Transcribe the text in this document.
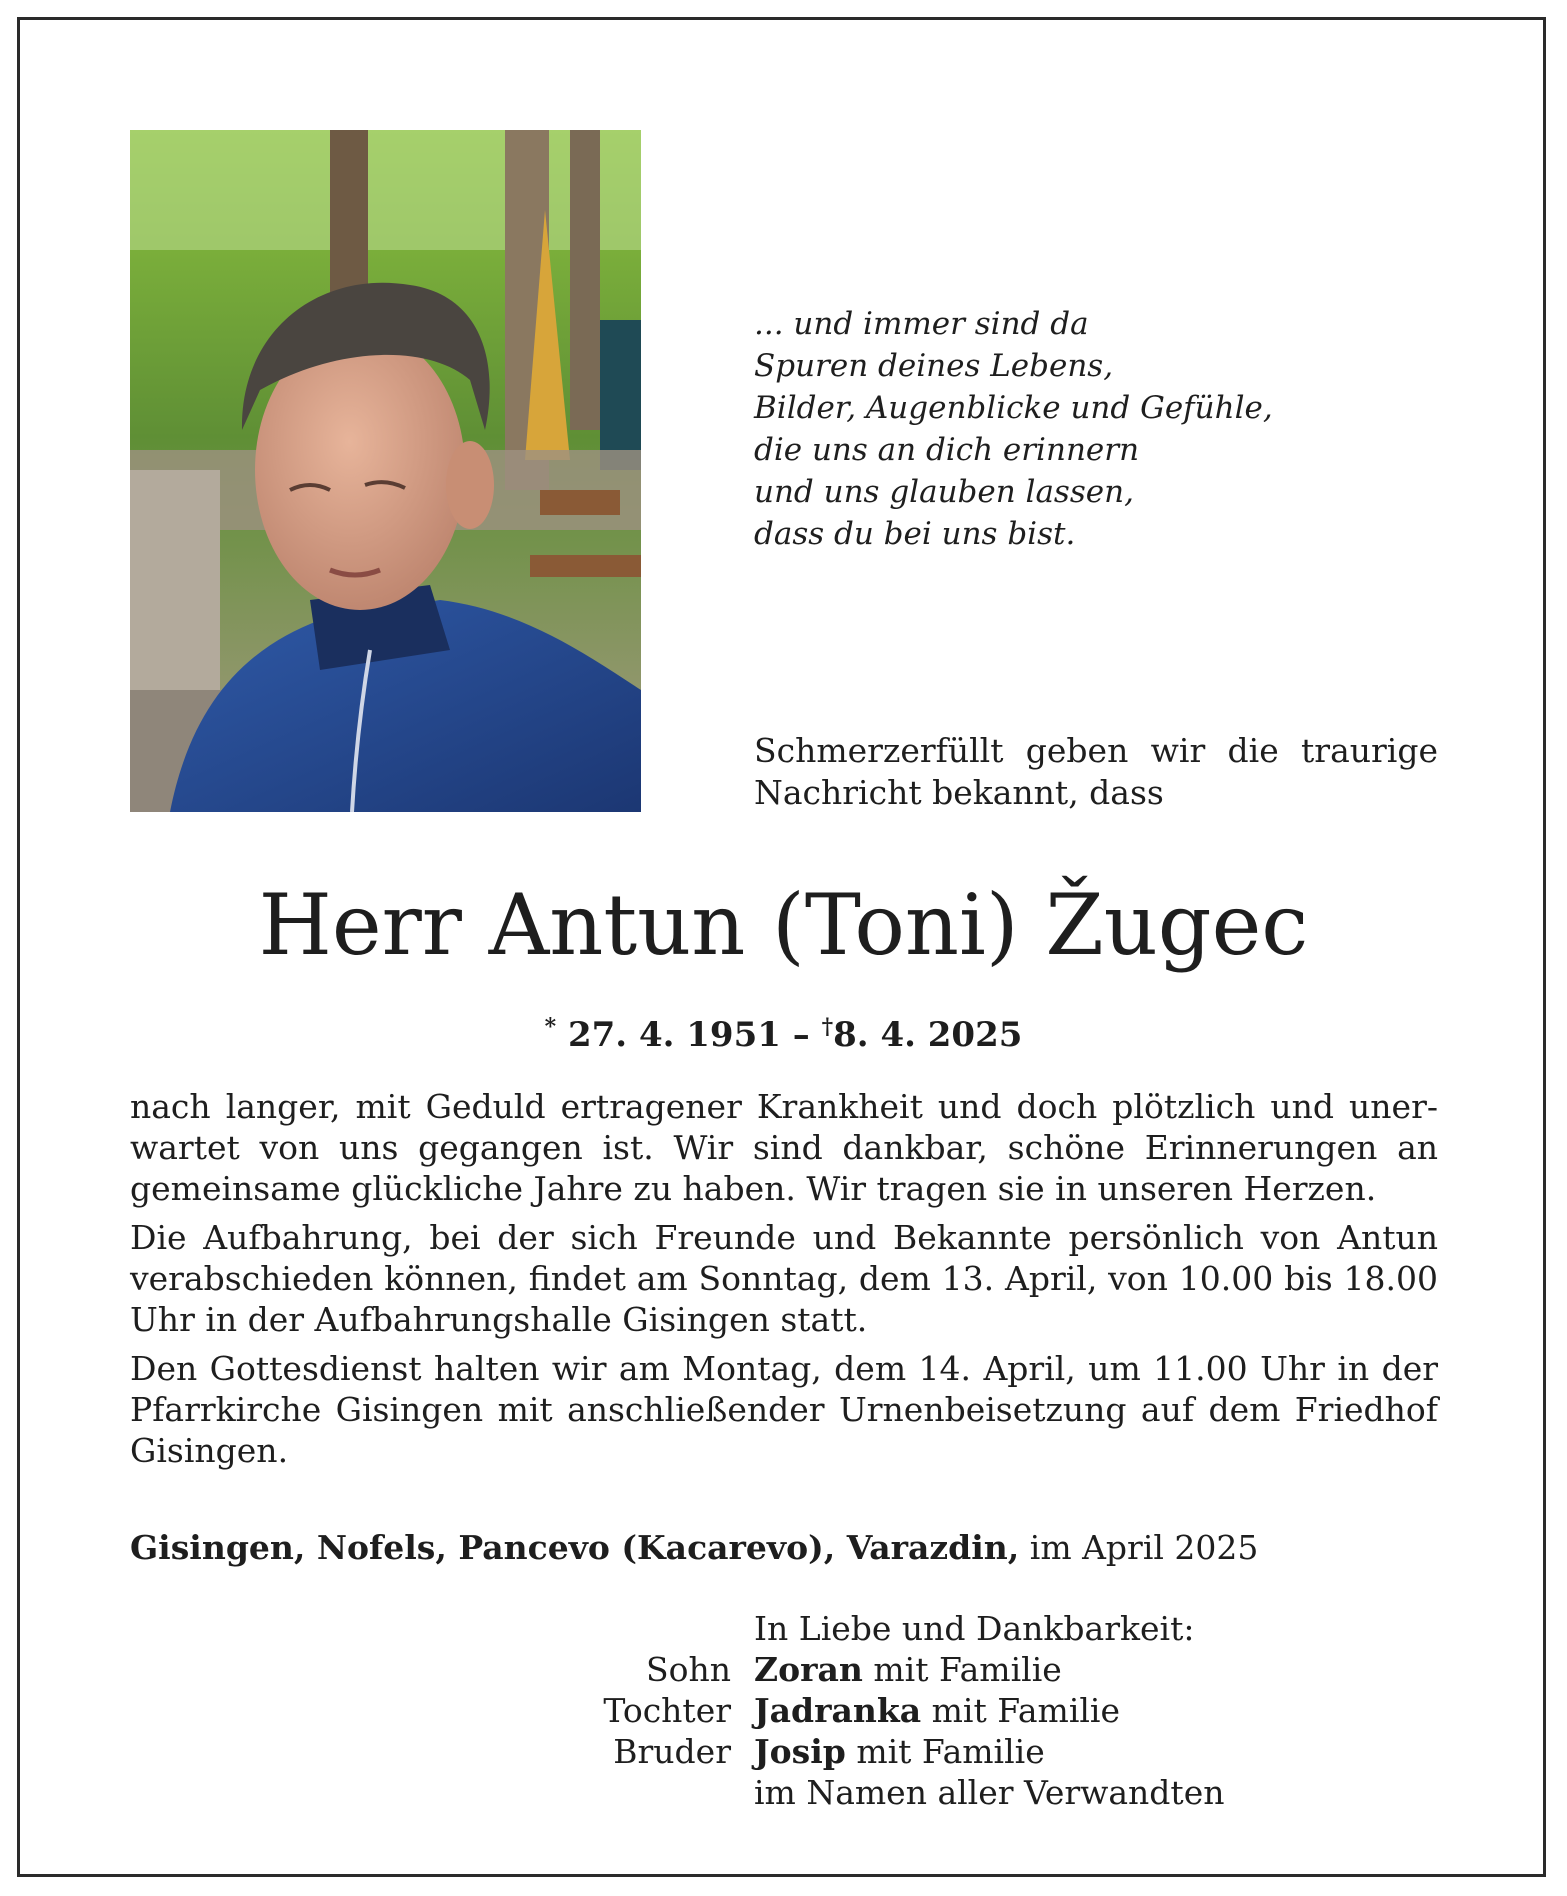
... und immer sind da
Spuren deines Lebens,
Bilder, Augenblicke und Gefühle,
die uns an dich erinnern
und uns glauben lassen,
dass du bei uns bist.
Schmerzerfüllt geben wir die traurige
Nachricht bekannt, dass
Herr Antun (Toni) Žugec
* 27. 4. 1951 – †8. 4. 2025
nach langer, mit Geduld ertragener Krankheit und doch plötzlich und uner-
wartet von uns gegangen ist. Wir sind dankbar, schöne Erinnerungen an
gemeinsame glückliche Jahre zu haben. Wir tragen sie in unseren Herzen.
Die Aufbahrung, bei der sich Freunde und Bekannte persönlich von Antun
verabschieden können, findet am Sonntag, dem 13. April, von 10.00 bis 18.00
Uhr in der Aufbahrungshalle Gisingen statt.
Den Gottesdienst halten wir am Montag, dem 14. April, um 11.00 Uhr in der
Pfarrkirche Gisingen mit anschließender Urnenbeisetzung auf dem Friedhof
Gisingen.
Gisingen, Nofels, Pancevo (Kacarevo), Varazdin, im April 2025
In Liebe und Dankbarkeit:
Sohn Zoran mit Familie
Tochter Jadranka mit Familie
Bruder Josip mit Familie
im Namen aller Verwandten
